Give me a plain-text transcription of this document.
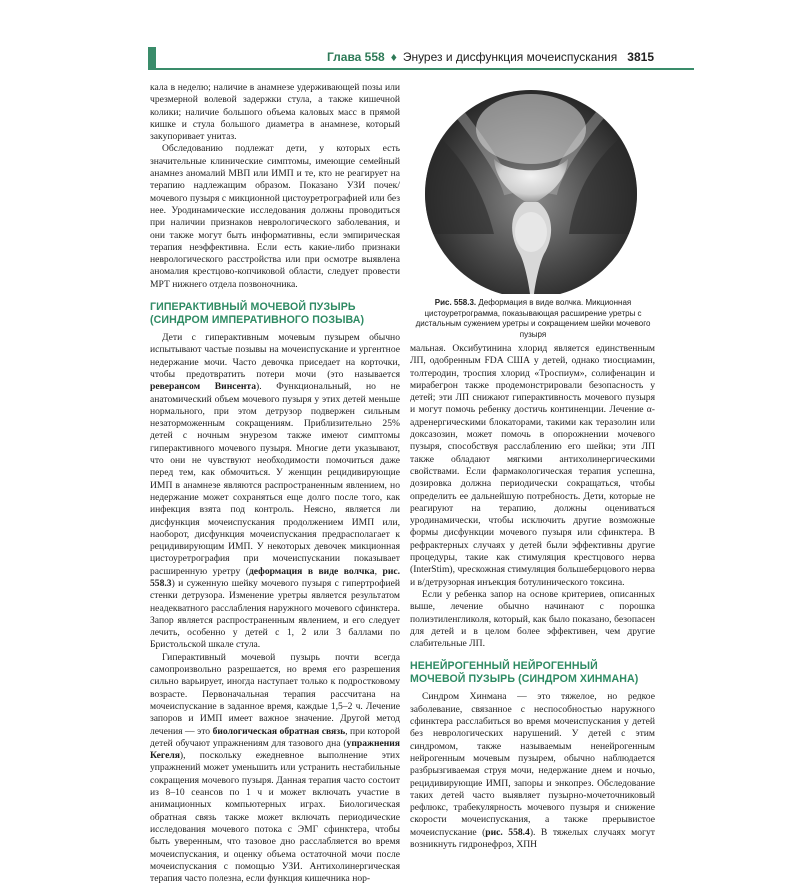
Глава 558 ♦ Энурез и дисфункция мочеиспускания 3815

кала в неделю; наличие в анамнезе удерживающей позы или чрезмерной волевой задержки стула, а также кишечной колики; наличие большого объема каловых масс в прямой кишке и стула большого диаметра в анамнезе, который закупоривает унитаз.

Обследованию подлежат дети, у которых есть значительные клинические симптомы, имеющие семейный анамнез аномалий МВП или ИМП и те, кто не реагирует на терапию надлежащим образом. Показано УЗИ почек/мочевого пузыря с микционной цистоуретрографией или без нее. Уродинамические исследования должны проводиться при наличии признаков неврологического заболевания, и они также могут быть информативны, если эмпирическая терапия неэффективна. Если есть какие-либо признаки неврологического расстройства или при осмотре выявлена аномалия крестцово-копчиковой области, следует провести МРТ нижнего отдела позвоночника.

ГИПЕРАКТИВНЫЙ МОЧЕВОЙ ПУЗЫРЬ (СИНДРОМ ИМПЕРАТИВНОГО ПОЗЫВА)

Дети с гиперактивным мочевым пузырем обычно испытывают частые позывы на мочеиспускание и ургентное недержание мочи. Часто девочка приседает на корточки, чтобы предотвратить потери мочи (это называется реверансом Винсента). Функциональный, но не анатомический объем мочевого пузыря у этих детей меньше нормального, при этом детрузор подвержен сильным незаторможенным сокращениям. Приблизительно 25% детей с ночным энурезом также имеют симптомы гиперактивного мочевого пузыря. Многие дети указывают, что они не чувствуют необходимости помочиться даже перед тем, как обмочиться. У женщин рецидивирующие ИМП в анамнезе являются распространенным явлением, но недержание может сохраняться еще долго после того, как инфекция взята под контроль. Неясно, является ли дисфункция мочеиспускания продолжением ИМП или, наоборот, дисфункция мочеиспускания предрасполагает к рецидивирующим ИМП. У некоторых девочек микционная цистоуретрография при мочеиспускании показывает расширенную уретру (деформация в виде волчка, рис. 558.3) и суженную шейку мочевого пузыря с гипертрофией стенки детрузора. Изменение уретры является результатом неадекватного расслабления наружного мочевого сфинктера. Запор является распространенным явлением, и его следует лечить, особенно у детей с 1, 2 или 3 баллами по Бристольской шкале стула.

Гиперактивный мочевой пузырь почти всегда самопроизвольно разрешается, но время его разрешения сильно варьирует, иногда наступает только к подростковому возрасте. Первоначальная терапия рассчитана на мочеиспускание в заданное время, каждые 1,5–2 ч. Лечение запоров и ИМП имеет важное значение. Другой метод лечения — это биологическая обратная связь, при которой детей обучают упражнениям для тазового дна (упражнения Кегеля), поскольку ежедневное выполнение этих упражнений может уменьшить или устранить нестабильные сокращения мочевого пузыря. Данная терапия часто состоит из 8–10 сеансов по 1 ч и может включать участие в анимационных компьютерных играх. Биологическая обратная связь также может включать периодические исследования мочевого потока с ЭМГ сфинктера, чтобы быть уверенным, что тазовое дно расслабляется во время мочеиспускания, и оценку объема остаточной мочи после мочеиспускания с помощью УЗИ. Антихолинергическая терапия часто полезна, если функция кишечника нор-

Рис. 558.3. Деформация в виде волчка. Микционная цистоуретрограмма, показывающая расширение уретры с дистальным сужением уретры и сокращением шейки мочевого пузыря

мальная. Оксибутинина хлорид является единственным ЛП, одобренным FDA США у детей, однако тиосциамин, толтеродин, троспия хлорид «Троспиум», солифенацин и мирабегрон также продемонстрировали безопасность у детей; эти ЛП снижают гиперактивность мочевого пузыря и могут помочь ребенку достичь континенции. Лечение α-адренергическими блокаторами, такими как теразолин или доксазозин, может помочь в опорожнении мочевого пузыря, способствуя расслаблению его шейки; эти ЛП также обладают мягкими антихолинергическими свойствами. Если фармакологическая терапия успешна, дозировка должна периодически сокращаться, чтобы определить ее дальнейшую потребность. Дети, которые не реагируют на терапию, должны оцениваться уродинамически, чтобы исключить другие возможные формы дисфункции мочевого пузыря или сфинктера. В рефрактерных случаях у детей были эффективны другие процедуры, такие как стимуляция крестцового нерва (InterStim), чрескожная стимуляция большеберцового нерва и в/детрузорная инъекция ботулинического токсина.

Если у ребенка запор на основе критериев, описанных выше, лечение обычно начинают с порошка полиэтиленгликоля, который, как было показано, безопасен для детей и в целом более эффективен, чем другие слабительные ЛП.

НЕНЕЙРОГЕННЫЙ НЕЙРОГЕННЫЙ МОЧЕВОЙ ПУЗЫРЬ (СИНДРОМ ХИНМАНА)

Синдром Хинмана — это тяжелое, но редкое заболевание, связанное с неспособностью наружного сфинктера расслабиться во время мочеиспускания у детей без неврологических нарушений. У детей с этим синдромом, также называемым ненейрогенным нейрогенным мочевым пузырем, обычно наблюдается разбрызгиваемая струя мочи, недержание днем и ночью, рецидивирующие ИМП, запоры и энкопрез. Обследование таких детей часто выявляет пузырно-мочеточниковый рефлюкс, трабекулярность мочевого пузыря и снижение скорости мочеиспускания, а также прерывистое мочеиспускание (рис. 558.4). В тяжелых случаях могут возникнуть гидронефроз, ХПН
